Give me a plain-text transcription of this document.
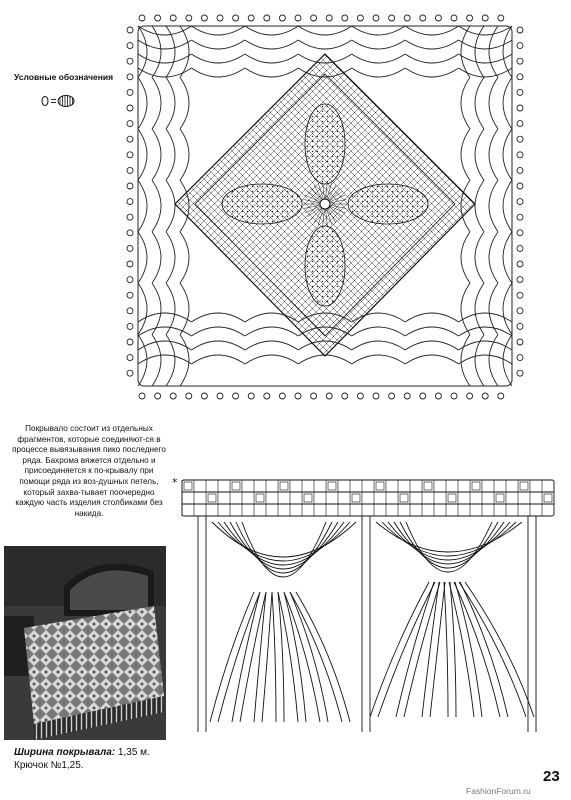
Условные обозначения
Покрывало состоит из отдельных фрагментов, которые соединяют-ся в процессе вывязывания пико последнего ряда. Бахрома вяжется отдельно и присоединяется к по-крывалу при помощи ряда из воз-душных петель, который захва-тывает поочередно каждую часть изделия столбиками без накида.
*
Ширина покрывала: 1,35 м.
Крючок №1,25.
23
FashionForum.ru
